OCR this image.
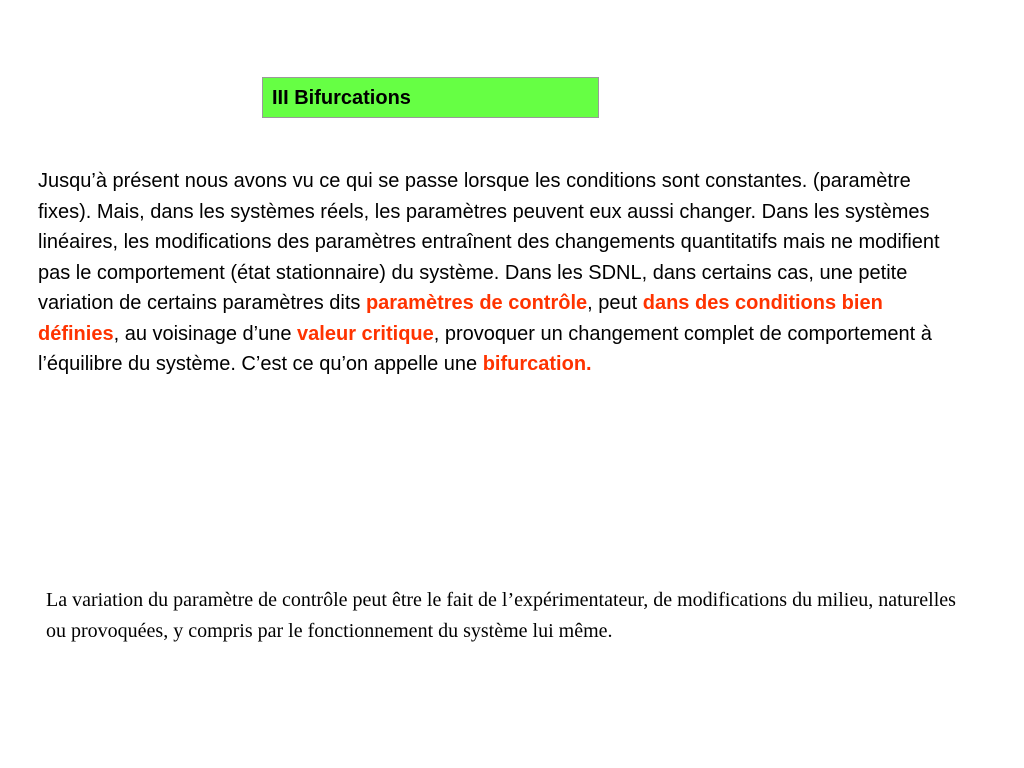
III Bifurcations
Jusqu’à présent nous avons vu ce qui se passe lorsque les conditions sont constantes. (paramètre fixes). Mais, dans les systèmes réels, les paramètres peuvent eux aussi changer. Dans les systèmes linéaires, les modifications des paramètres entraînent des changements quantitatifs mais ne modifient pas le comportement (état stationnaire) du système. Dans les SDNL, dans certains cas, une petite variation de certains paramètres dits paramètres de contrôle, peut dans des conditions bien définies, au voisinage d’une valeur critique, provoquer un changement complet de comportement à l’équilibre du système. C’est ce qu’on appelle une bifurcation.
La variation du paramètre de contrôle peut être le fait de l’expérimentateur, de modifications du milieu, naturelles ou provoquées, y compris par le fonctionnement du système lui même.
